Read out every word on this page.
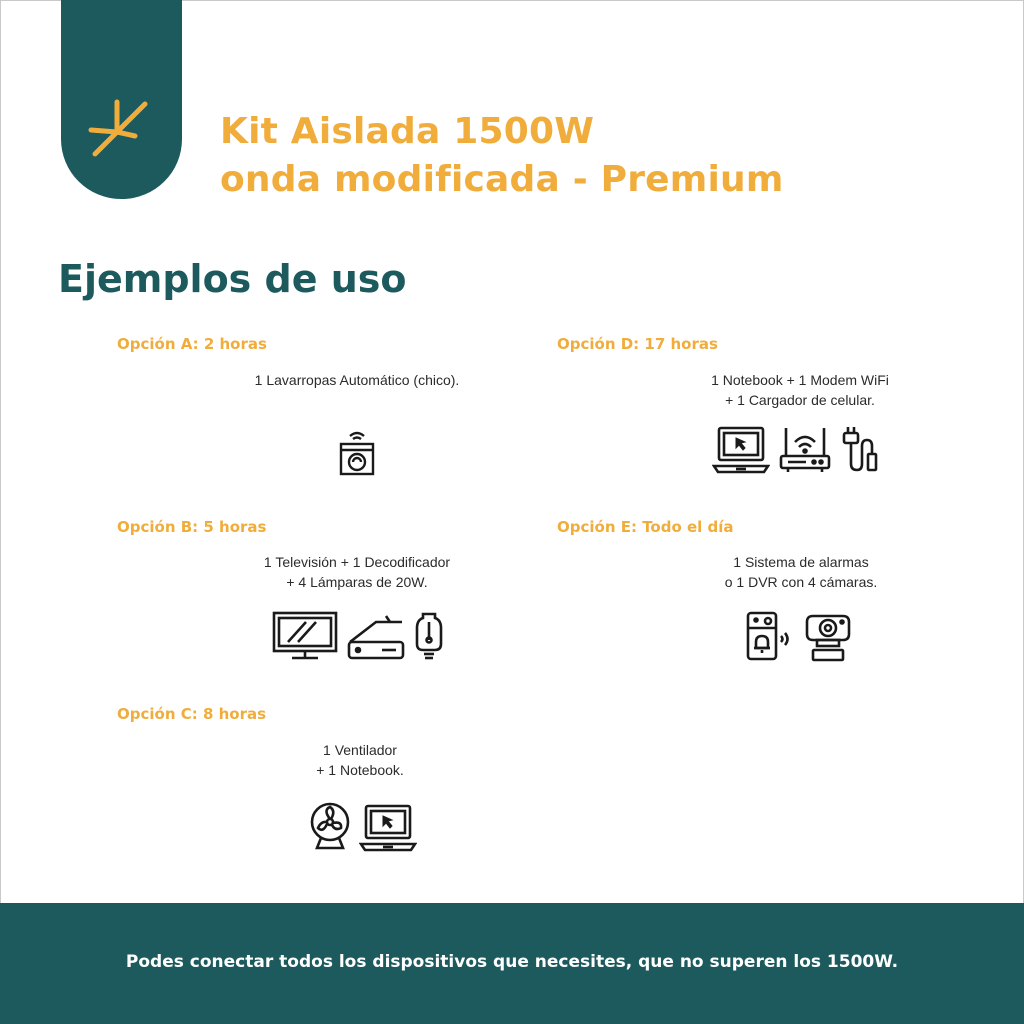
Kit Aislada 1500W
onda modificada - Premium
Ejemplos de uso
Opción A: 2 horas
1 Lavarropas Automático (chico).
Opción B: 5 horas
1 Televisión + 1 Decodificador
+ 4 Lámparas de 20W.
Opción C: 8 horas
1 Ventilador
+ 1 Notebook.
Opción D: 17 horas
1 Notebook + 1 Modem WiFi
+ 1 Cargador de celular.
Opción E: Todo el día
1 Sistema de alarmas
o 1 DVR con 4 cámaras.
Podes conectar todos los dispositivos que necesites, que no superen los 1500W.
